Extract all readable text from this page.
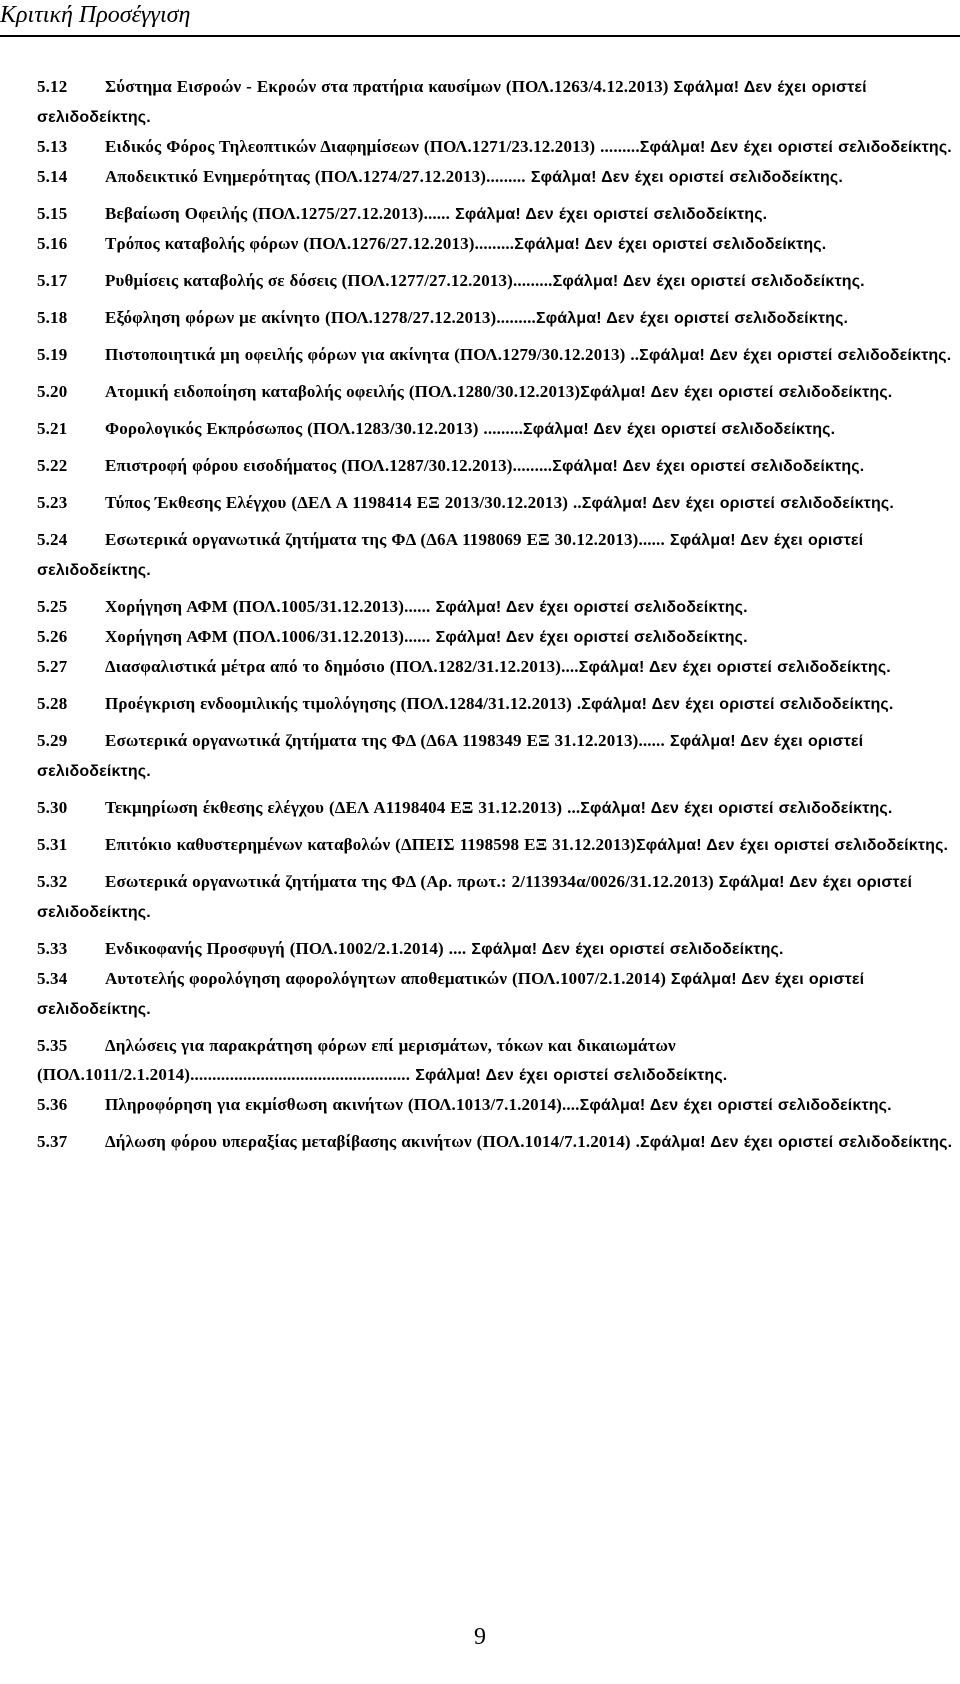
Κριτική Προσέγγιση
5.12 Σύστημα Εισροών - Εκροών στα πρατήρια καυσίμων (ΠΟΛ.1263/4.12.2013) Σφάλμα! Δεν έχει οριστεί σελιδοδείκτης.
5.13 Ειδικός Φόρος Τηλεοπτικών Διαφημίσεων (ΠΟΛ.1271/23.12.2013) .........Σφάλμα! Δεν έχει οριστεί σελιδοδείκτης.
5.14 Αποδεικτικό Ενημερότητας (ΠΟΛ.1274/27.12.2013)......... Σφάλμα! Δεν έχει οριστεί σελιδοδείκτης.
5.15 Βεβαίωση Οφειλής (ΠΟΛ.1275/27.12.2013)...... Σφάλμα! Δεν έχει οριστεί σελιδοδείκτης.
5.16 Τρόπος καταβολής φόρων (ΠΟΛ.1276/27.12.2013).........Σφάλμα! Δεν έχει οριστεί σελιδοδείκτης.
5.17 Ρυθμίσεις καταβολής σε δόσεις (ΠΟΛ.1277/27.12.2013).........Σφάλμα! Δεν έχει οριστεί σελιδοδείκτης.
5.18 Εξόφληση φόρων με ακίνητο (ΠΟΛ.1278/27.12.2013).........Σφάλμα! Δεν έχει οριστεί σελιδοδείκτης.
5.19 Πιστοποιητικά μη οφειλής φόρων για ακίνητα (ΠΟΛ.1279/30.12.2013) ..Σφάλμα! Δεν έχει οριστεί σελιδοδείκτης.
5.20 Ατομική ειδοποίηση καταβολής οφειλής (ΠΟΛ.1280/30.12.2013)Σφάλμα! Δεν έχει οριστεί σελιδοδείκτης.
5.21 Φορολογικός Εκπρόσωπος (ΠΟΛ.1283/30.12.2013) .........Σφάλμα! Δεν έχει οριστεί σελιδοδείκτης.
5.22 Επιστροφή φόρου εισοδήματος (ΠΟΛ.1287/30.12.2013).........Σφάλμα! Δεν έχει οριστεί σελιδοδείκτης.
5.23 Τύπος Έκθεσης Ελέγχου (ΔΕΛ Α 1198414 ΕΞ 2013/30.12.2013) ..Σφάλμα! Δεν έχει οριστεί σελιδοδείκτης.
5.24 Εσωτερικά οργανωτικά ζητήματα της ΦΔ (Δ6Α 1198069 ΕΞ 30.12.2013)...... Σφάλμα! Δεν έχει οριστεί σελιδοδείκτης.
5.25 Χορήγηση ΑΦΜ (ΠΟΛ.1005/31.12.2013)...... Σφάλμα! Δεν έχει οριστεί σελιδοδείκτης.
5.26 Χορήγηση ΑΦΜ (ΠΟΛ.1006/31.12.2013)...... Σφάλμα! Δεν έχει οριστεί σελιδοδείκτης.
5.27 Διασφαλιστικά μέτρα από το δημόσιο (ΠΟΛ.1282/31.12.2013)....Σφάλμα! Δεν έχει οριστεί σελιδοδείκτης.
5.28 Προέγκριση ενδοομιλικής τιμολόγησης (ΠΟΛ.1284/31.12.2013) .Σφάλμα! Δεν έχει οριστεί σελιδοδείκτης.
5.29 Εσωτερικά οργανωτικά ζητήματα της ΦΔ (Δ6Α 1198349 ΕΞ 31.12.2013)...... Σφάλμα! Δεν έχει οριστεί σελιδοδείκτης.
5.30 Τεκμηρίωση έκθεσης ελέγχου (ΔΕΛ Α1198404 ΕΞ 31.12.2013) ...Σφάλμα! Δεν έχει οριστεί σελιδοδείκτης.
5.31 Επιτόκιο καθυστερημένων καταβολών (ΔΠΕΙΣ 1198598 ΕΞ 31.12.2013)Σφάλμα! Δεν έχει οριστεί σελιδοδείκτης.
5.32 Εσωτερικά οργανωτικά ζητήματα της ΦΔ (Αρ. πρωτ.: 2/113934α/0026/31.12.2013) Σφάλμα! Δεν έχει οριστεί σελιδοδείκτης.
5.33 Ενδικοφανής Προσφυγή (ΠΟΛ.1002/2.1.2014) .... Σφάλμα! Δεν έχει οριστεί σελιδοδείκτης.
5.34 Αυτοτελής φορολόγηση αφορολόγητων αποθεματικών (ΠΟΛ.1007/2.1.2014) Σφάλμα! Δεν έχει οριστεί σελιδοδείκτης.
5.35 Δηλώσεις για παρακράτηση φόρων επί μερισμάτων, τόκων και δικαιωμάτων (ΠΟΛ.1011/2.1.2014).................................................. Σφάλμα! Δεν έχει οριστεί σελιδοδείκτης.
5.36 Πληροφόρηση για εκμίσθωση ακινήτων (ΠΟΛ.1013/7.1.2014)....Σφάλμα! Δεν έχει οριστεί σελιδοδείκτης.
5.37 Δήλωση φόρου υπεραξίας μεταβίβασης ακινήτων (ΠΟΛ.1014/7.1.2014) .Σφάλμα! Δεν έχει οριστεί σελιδοδείκτης.
9
